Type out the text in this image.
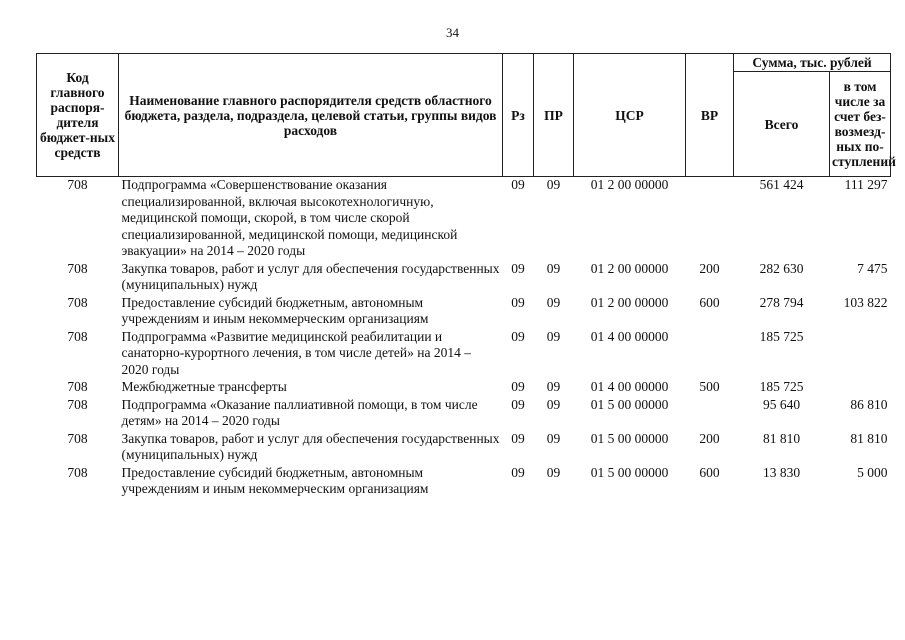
34
Код главного распоря-дителя бюджет-ных средств	Наименование главного распорядителя средств областного бюджета, раздела, подраздела, целевой статьи, группы видов расходов	Рз	ПР	ЦСР	ВР	Сумма, тыс. рублей	
						Всего	в том числе за счет без-возмезд-ных по-ступлений
708	Подпрограмма «Совершенствование оказания специализированной, включая высокотехнологичную, медицинской помощи, скорой, в том числе скорой специализированной, медицинской помощи, медицинской эвакуации» на 2014 – 2020 годы	09	09	01 2 00 00000		561 424	111 297
708	Закупка товаров, работ и услуг для обеспечения государственных (муниципальных) нужд	09	09	01 2 00 00000	200	282 630	7 475
708	Предоставление субсидий бюджетным, автономным учреждениям и иным некоммерческим организациям	09	09	01 2 00 00000	600	278 794	103 822
708	Подпрограмма «Развитие медицинской реабилитации и санаторно-курортного лечения, в том числе детей» на 2014 – 2020 годы	09	09	01 4 00 00000		185 725	
708	Межбюджетные трансферты	09	09	01 4 00 00000	500	185 725	
708	Подпрограмма «Оказание паллиативной помощи, в том числе детям» на 2014 – 2020 годы	09	09	01 5 00 00000		95 640	86 810
708	Закупка товаров, работ и услуг для обеспечения государственных (муниципальных) нужд	09	09	01 5 00 00000	200	81 810	81 810
708	Предоставление субсидий бюджетным, автономным учреждениям и иным некоммерческим организациям	09	09	01 5 00 00000	600	13 830	5 000
